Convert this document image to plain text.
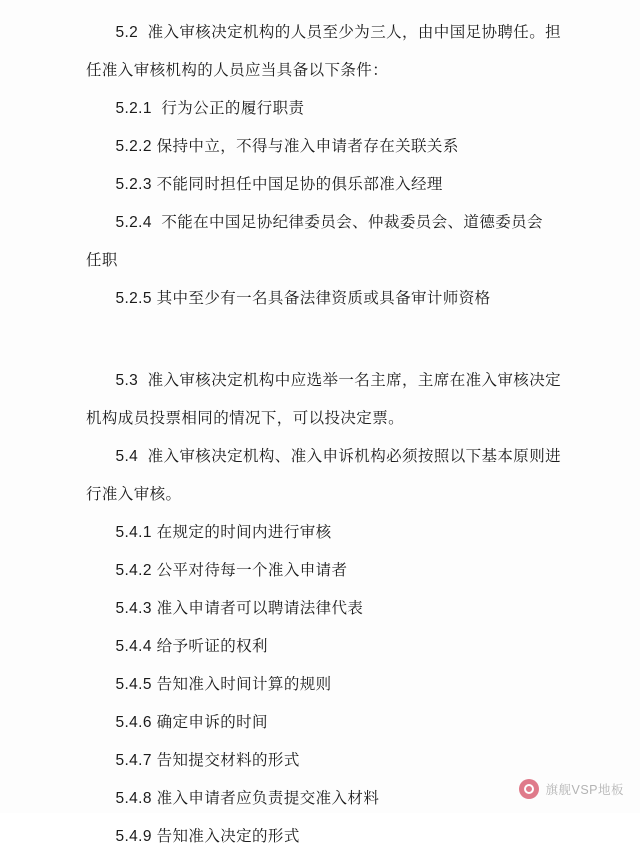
5.2  准入审核决定机构的人员至少为三人，由中国足协聘任。担
任准入审核机构的人员应当具备以下条件：
5.2.1  行为公正的履行职责
5.2.2 保持中立，不得与准入申请者存在关联关系
5.2.3 不能同时担任中国足协的俱乐部准入经理
5.2.4  不能在中国足协纪律委员会、仲裁委员会、道德委员会
任职
5.2.5 其中至少有一名具备法律资质或具备审计师资格
5.3  准入审核决定机构中应选举一名主席，主席在准入审核决定
机构成员投票相同的情况下，可以投决定票。
5.4  准入审核决定机构、准入申诉机构必须按照以下基本原则进
行准入审核。
5.4.1 在规定的时间内进行审核
5.4.2 公平对待每一个准入申请者
5.4.3 准入申请者可以聘请法律代表
5.4.4 给予听证的权利
5.4.5 告知准入时间计算的规则
5.4.6 确定申诉的时间
5.4.7 告知提交材料的形式
5.4.8 准入申请者应负责提交准入材料
5.4.9 告知准入决定的形式
旗舰VSP地板
